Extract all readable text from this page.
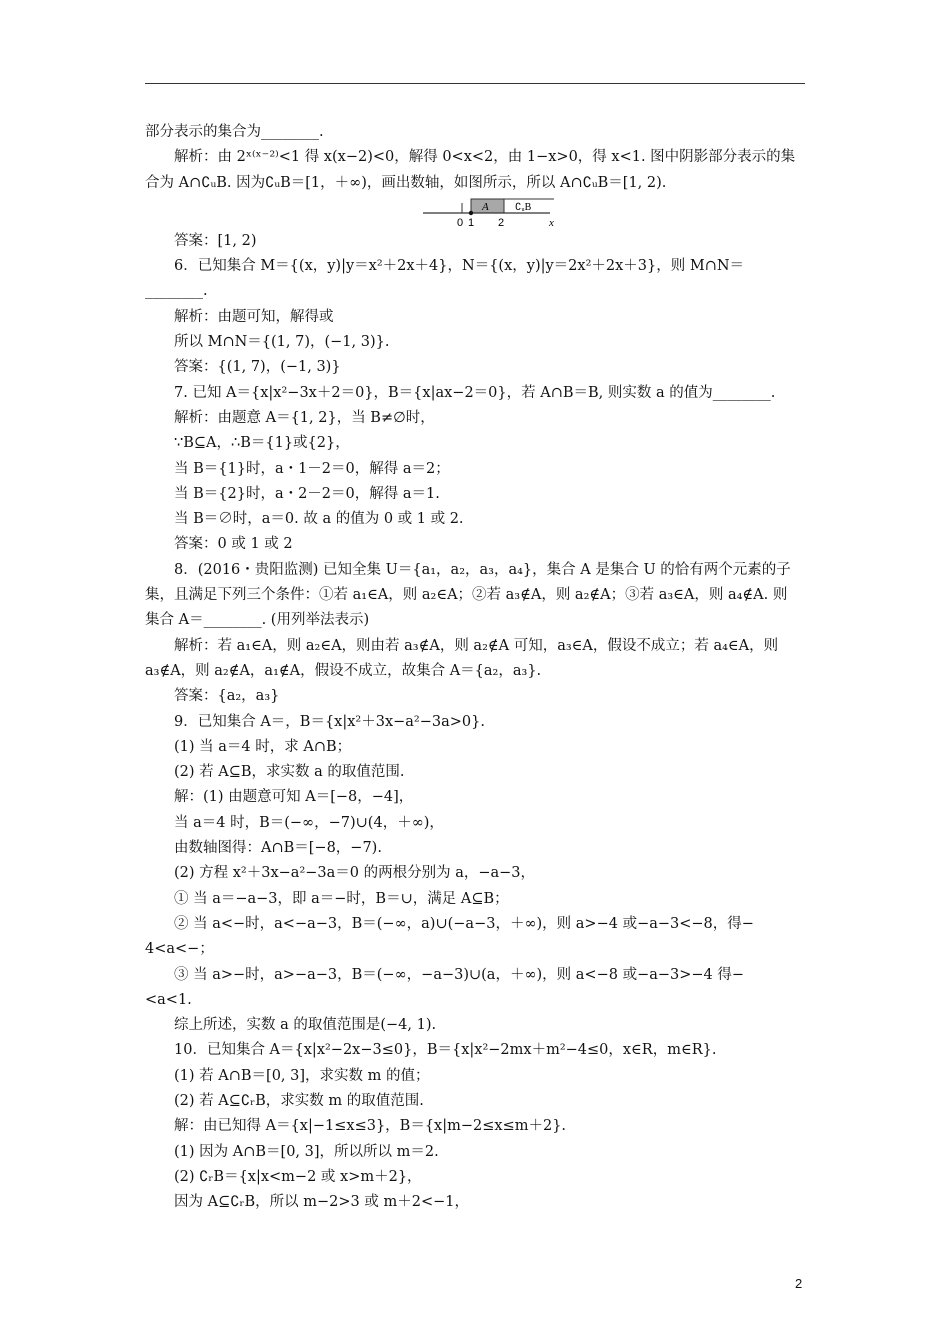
部分表示的集合为________.
解析：由 2ˣ⁽ˣ⁻²⁾<1 得 x(x−2)<0，解得 0<x<2，由 1−x>0，得 x<1. 图中阴影部分表示的集
合为 A∩∁ᵤB. 因为∁ᵤB＝[1，＋∞)，画出数轴，如图所示，所以 A∩∁ᵤB＝[1, 2).
A	∁ᵤB
0 1 2	x
答案：[1, 2)
6．已知集合 M＝{(x，y)|y＝x²＋2x＋4}，N＝{(x，y)|y＝2x²＋2x＋3}，则 M∩N＝
________.
解析：由题可知，解得或
所以 M∩N＝{(1, 7)，(−1, 3)}.
答案：{(1, 7)，(−1, 3)}
7. 已知 A＝{x|x²−3x＋2＝0}，B＝{x|ax−2＝0}，若 A∩B＝B, 则实数 a 的值为________.
解析：由题意 A＝{1, 2}，当 B≠∅时，
∵B⊆A，∴B＝{1}或{2}，
当 B＝{1}时，a・1－2＝0，解得 a＝2；
当 B＝{2}时，a・2－2＝0，解得 a＝1.
当 B＝∅时，a＝0. 故 a 的值为 0 或 1 或 2.
答案：0 或 1 或 2
8．(2016・贵阳监测) 已知全集 U＝{a₁，a₂，a₃，a₄}，集合 A 是集合 U 的恰有两个元素的子
集，且满足下列三个条件：①若 a₁∈A，则 a₂∈A；②若 a₃∉A，则 a₂∉A；③若 a₃∈A，则 a₄∉A. 则
集合 A＝________. (用列举法表示)
解析：若 a₁∈A，则 a₂∈A，则由若 a₃∉A，则 a₂∉A 可知，a₃∈A，假设不成立；若 a₄∈A，则
a₃∉A，则 a₂∉A，a₁∉A，假设不成立，故集合 A＝{a₂，a₃}.
答案：{a₂，a₃}
9．已知集合 A＝，B＝{x|x²＋3x−a²−3a>0}.
(1) 当 a＝4 时，求 A∩B；
(2) 若 A⊆B，求实数 a 的取值范围.
解：(1) 由题意可知 A＝[−8，−4]，
当 a＝4 时，B＝(−∞，−7)∪(4，＋∞)，
由数轴图得：A∩B＝[−8，−7).
(2) 方程 x²＋3x−a²−3a＝0 的两根分别为 a，−a−3，
① 当 a＝−a−3，即 a＝−时，B＝∪，满足 A⊆B；
② 当 a<−时，a<−a−3，B＝(−∞，a)∪(−a−3，＋∞)，则 a>−4 或−a−3<−8，得−
4<a<−；
③ 当 a>−时，a>−a−3，B＝(−∞，−a−3)∪(a，＋∞)，则 a<−8 或−a−3>−4 得−
<a<1.
综上所述，实数 a 的取值范围是(−4, 1).
10．已知集合 A＝{x|x²−2x−3≤0}，B＝{x|x²−2mx＋m²−4≤0，x∈R，m∈R}.
(1) 若 A∩B＝[0, 3]，求实数 m 的值；
(2) 若 A⊆∁ᵣB，求实数 m 的取值范围.
解：由已知得 A＝{x|−1≤x≤3}，B＝{x|m−2≤x≤m＋2}.
(1) 因为 A∩B＝[0, 3]，所以所以 m＝2.
(2) ∁ᵣB＝{x|x<m−2 或 x>m＋2}，
因为 A⊆∁ᵣB，所以 m−2>3 或 m＋2<−1，
2
